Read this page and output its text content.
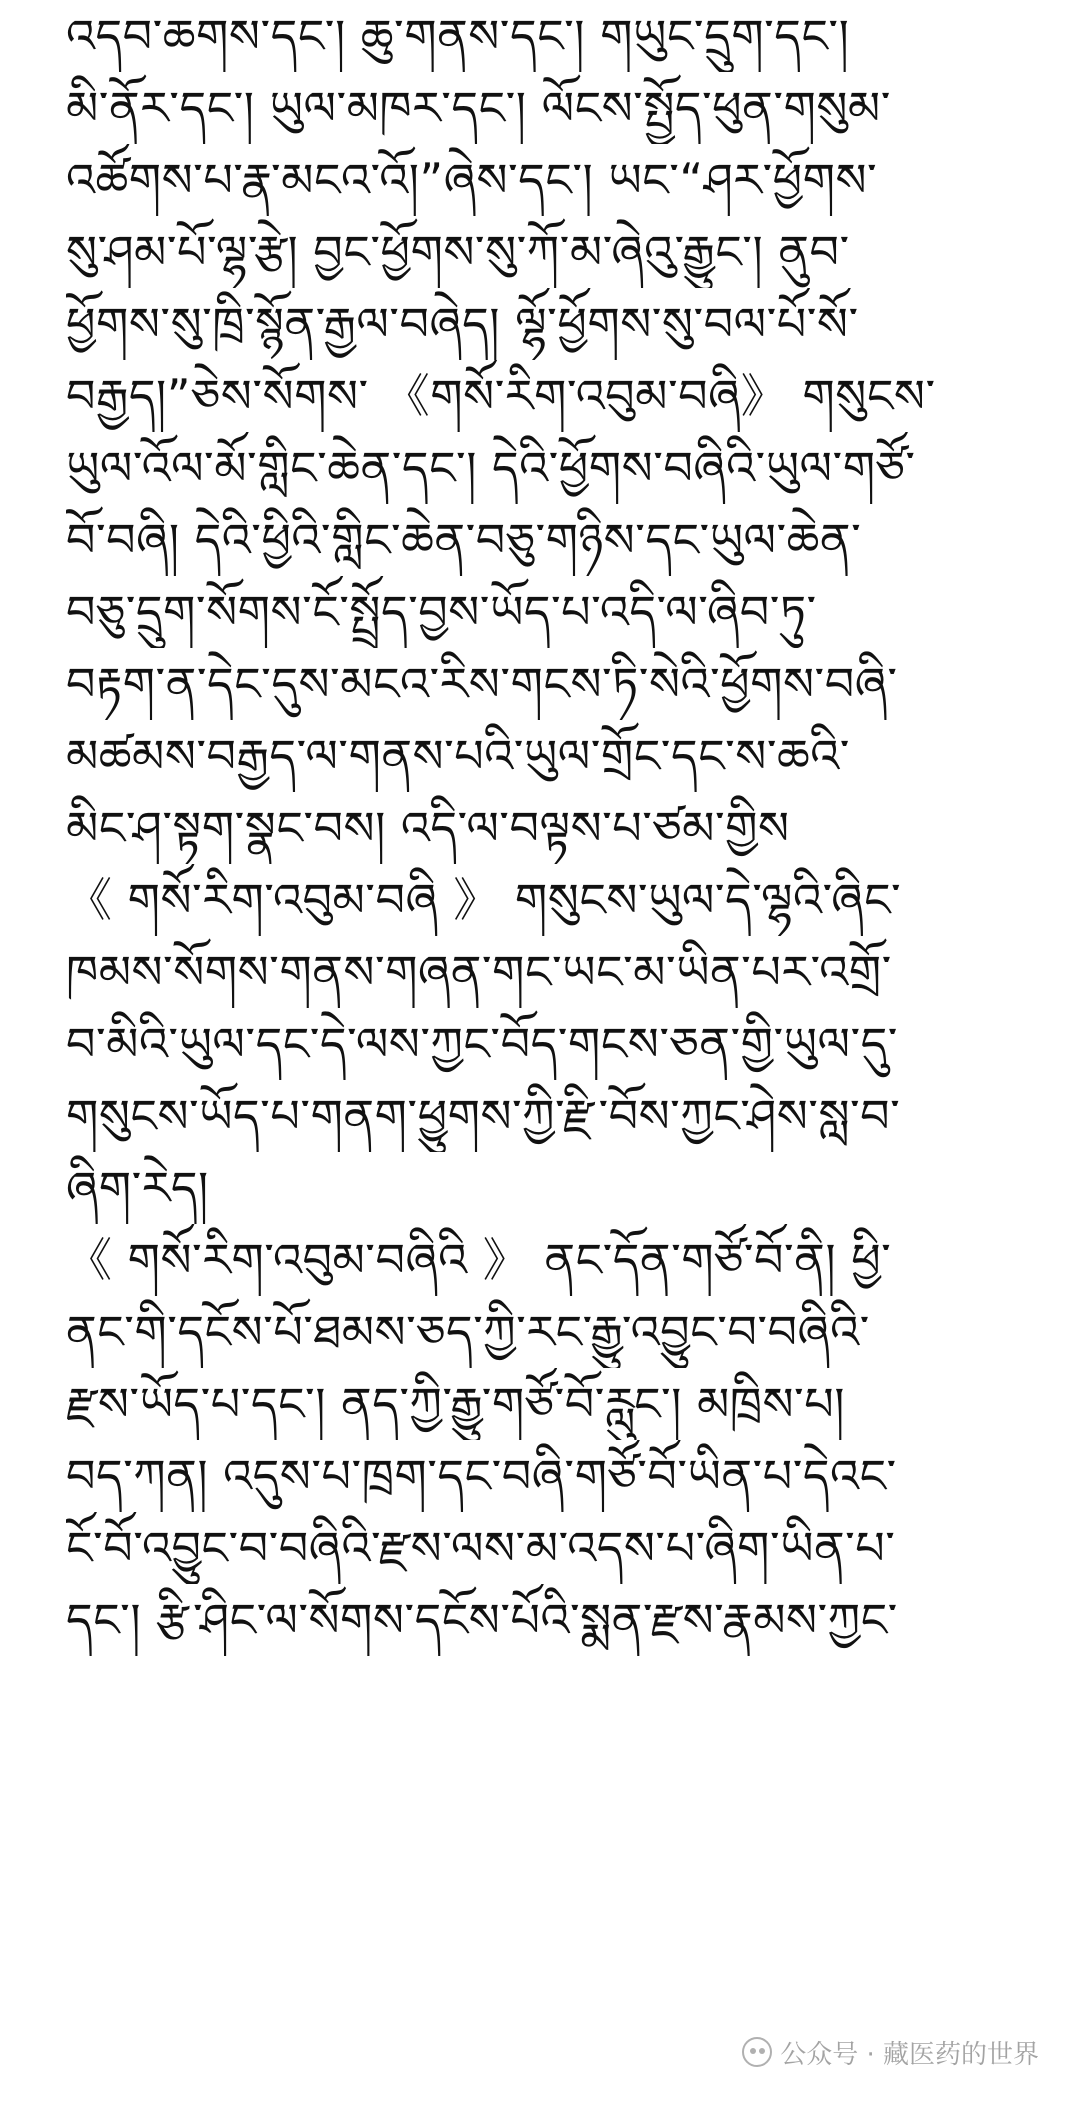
འདབ་ཆགས་དང་། ཆུ་གནས་དང་། གཡུང་དྲུག་དང་།
མི་ནོར་དང་། ཡུལ་མཁར་དང་། ལོངས་སྤྱོད་ཕུན་གསུམ་
འཚོགས་པ་རྣ་མངའ་འོ།”ཞེས་དང་། ཡང་“ཤར་ཕྱོགས་
སུ་ཤམ་པོ་ལྷ་རྩེ། བྱང་ཕྱོགས་སུ་ཀོ་མ་ཞེའུ་རྒྱུང་། ནུབ་
ཕྱོགས་སུ་ཁྲི་སྙོན་རྒྱལ་བཞེད། ལྷོ་ཕྱོགས་སུ་བལ་པོ་སོ་
བརྒྱད།”ཅེས་སོགས་ 《གསོ་རིག་འབུམ་བཞི》 གསུངས་
ཡུལ་འོལ་མོ་གླིང་ཆེན་དང་། དེའི་ཕྱོགས་བཞིའི་ཡུལ་གཙོ་
བོ་བཞི། དེའི་ཕྱིའི་གླིང་ཆེན་བཅུ་གཉིས་དང་ཡུལ་ཆེན་
བཅུ་དྲུག་སོགས་ངོ་སྤྲོད་བྱས་ཡོད་པ་འདི་ལ་ཞིབ་ཏུ་
བརྟག་ན་དེང་དུས་མངའ་རིས་གངས་ཏི་སེའི་ཕྱོགས་བཞི་
མཚམས་བརྒྱད་ལ་གནས་པའི་ཡུལ་གྲོང་དང་ས་ཆའི་
མིང་ཤ་སྟག་སྣང་བས། འདི་ལ་བལྟས་པ་ཙམ་གྱིས
《 གསོ་རིག་འབུམ་བཞི 》 གསུངས་ཡུལ་དེ་ལྷའི་ཞིང་
ཁམས་སོགས་གནས་གཞན་གང་ཡང་མ་ཡིན་པར་འགྲོ་
བ་མིའི་ཡུལ་དང་དེ་ལས་ཀྱང་བོད་གངས་ཅན་གྱི་ཡུལ་དུ་
གསུངས་ཡོད་པ་གནག་ཕྱུགས་ཀྱི་རྫི་བོས་ཀྱང་ཤེས་སླ་བ་
ཞིག་རེད།
《 གསོ་རིག་འབུམ་བཞིའི 》 ནང་དོན་གཙོ་བོ་ནི། ཕྱི་
ནང་གི་དངོས་པོ་ཐམས་ཅད་ཀྱི་རང་རྒྱུ་འབྱུང་བ་བཞིའི་
རྫས་ཡོད་པ་དང་། ནད་ཀྱི་རྒྱུ་གཙོ་བོ་རླུང་། མཁྲིས་པ།
བད་ཀན། འདུས་པ་ཁྲག་དང་བཞི་གཙོ་བོ་ཡིན་པ་དེའང་
ངོ་བོ་འབྱུང་བ་བཞིའི་རྫས་ལས་མ་འདས་པ་ཞིག་ཡིན་པ་
དང་། རྩི་ཤིང་ལ་སོགས་དངོས་པོའི་སྨན་རྫས་རྣམས་ཀྱང་
公众号 · 藏医药的世界
